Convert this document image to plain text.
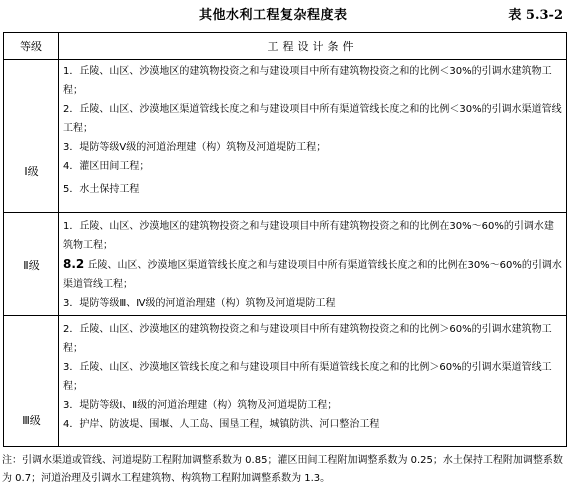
其他水利工程复杂程度表	表 5.3-2
等级	工程设计条件

Ⅰ级	1．丘陵、山区、沙漠地区的建筑物投资之和与建设项目中所有建筑物投资之和的比例＜30%的引调水建筑物工程；

2．丘陵、山区、沙漠地区渠道管线长度之和与建设项目中所有渠道管线长度之和的比例＜30%的引调水渠道管线工程；

3．堤防等级Ⅴ级的河道治理建（构）筑物及河道堤防工程；

4．灌区田间工程；

5．水土保持工程

Ⅱ级	1．丘陵、山区、沙漠地区的建筑物投资之和与建设项目中所有建筑物投资之和的比例在30%～60%的引调水建筑物工程；

8.2 丘陵、山区、沙漠地区渠道管线长度之和与建设项目中所有渠道管线长度之和的比例在30%～60%的引调水渠道管线工程；

3．堤防等级Ⅲ、Ⅳ级的河道治理建（构）筑物及河道堤防工程

Ⅲ级	2．丘陵、山区、沙漠地区的建筑物投资之和与建设项目中所有建筑物投资之和的比例＞60%的引调水建筑物工程；

3．丘陵、山区、沙漠地区管线长度之和与建设项目中所有渠道管线长度之和的比例＞60%的引调水渠道管线工程；

3．堤防等级Ⅰ、Ⅱ级的河道治理建（构）筑物及河道堤防工程；

4．护岸、防波堤、围堰、人工岛、围垦工程，城镇防洪、河口整治工程

注：引调水渠道或管线、河道堤防工程附加调整系数为 0.85；灌区田间工程附加调整系数为 0.25；水土保持工程附加调整系数为 0.7；河道治理及引调水工程建筑物、构筑物工程附加调整系数为 1.3。
